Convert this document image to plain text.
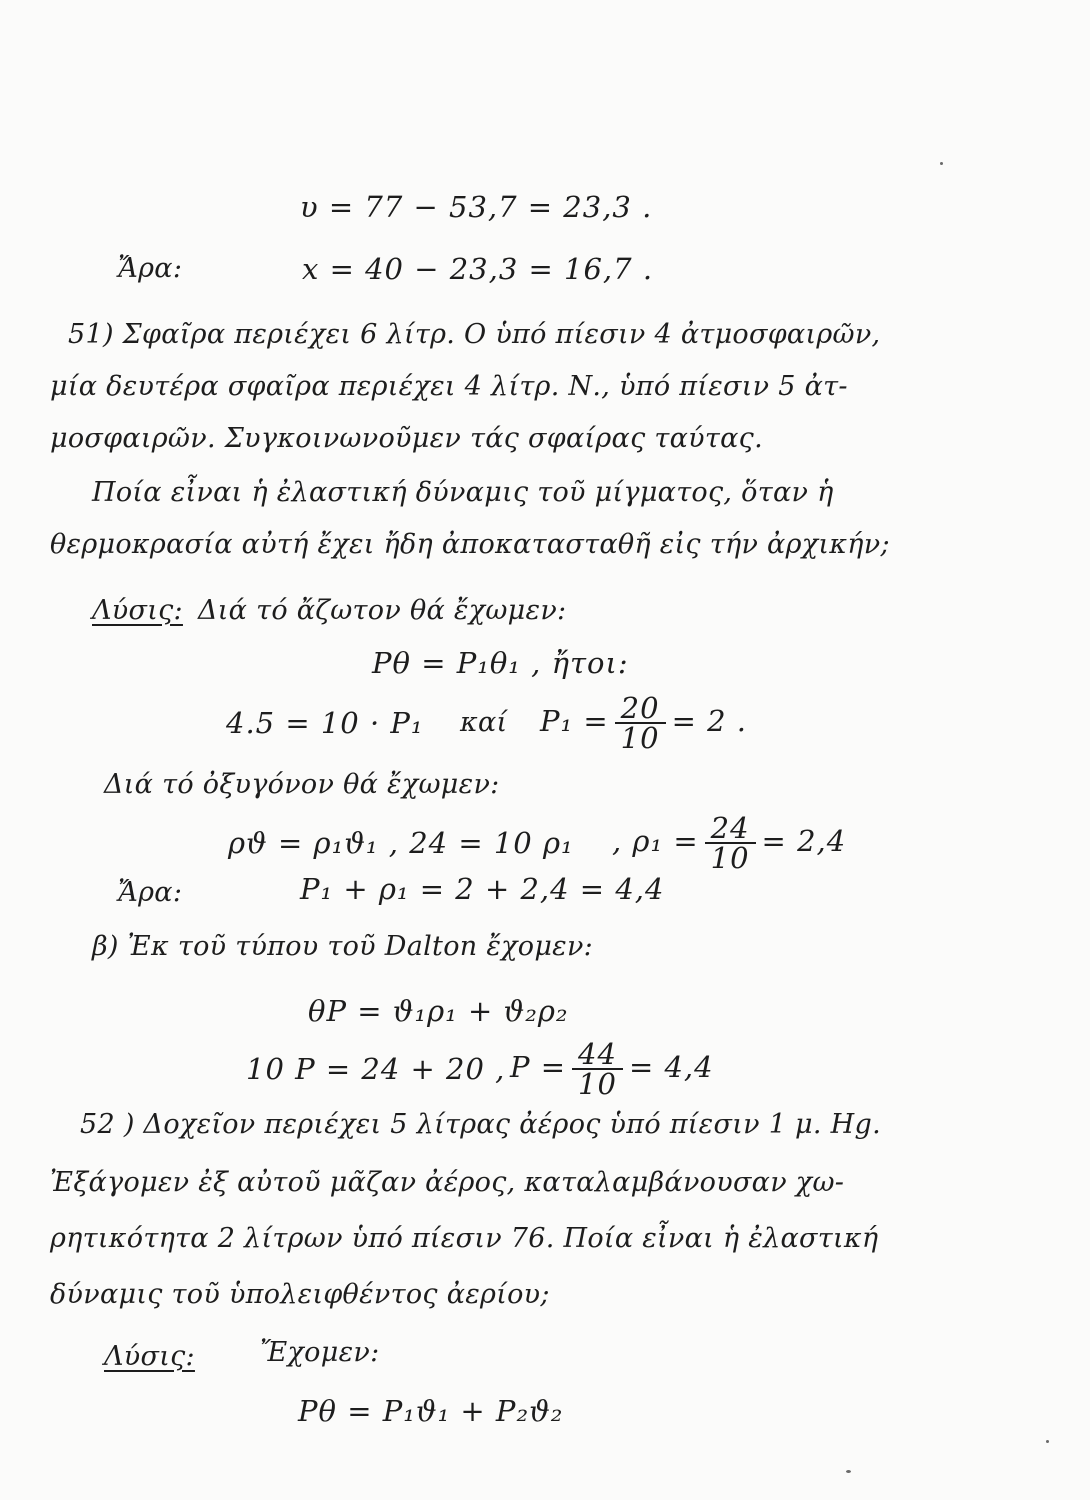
υ = 77 − 53,7 = 23,3 .
Ἄρα:	x = 40 − 23,3 = 16,7 .
51) Σφαῖρα περιέχει 6 λίτρ. Ο ὑπό πίεσιν 4 ἀτμοσφαιρῶν,
μία δευτέρα σφαῖρα περιέχει 4 λίτρ. Ν., ὑπό πίεσιν 5 ἀτ-
μοσφαιρῶν. Συγκοινωνοῦμεν τάς σφαίρας ταύτας.
Ποία εἶναι ἡ ἐλαστική δύναμις τοῦ μίγματος, ὅταν ἡ
θερμοκρασία αὐτή ἔχει ἤδη ἀποκατασταθῆ εἰς τήν ἀρχικήν;
Λύσις: Διά τό ἄζωτον θά ἔχωμεν:
Pθ = P₁θ₁ , ἤτοι:
4.5 = 10 · P₁ καί $P_1 = \frac{20}{10} = 2$ .
Διά τό ὀξυγόνον θά ἔχωμεν:
ρϑ = ρ₁ϑ₁ , 24 = 10 ρ₁ , $\rho_1 = \frac{24}{10} = 2,4$
Ἄρα:	P₁ + ρ₁ = 2 + 2,4 = 4,4
β) Ἐκ τοῦ τύπου τοῦ Dalton ἔχομεν:
θP = ϑ₁ρ₁ + ϑ₂ρ₂
10 P = 24 + 20 , $P = \frac{44}{10} = 4,4$
52 ) Δοχεῖον περιέχει 5 λίτρας ἀέρος ὑπό πίεσιν 1 μ. Hg.
Ἐξάγομεν ἐξ αὐτοῦ μᾶζαν ἀέρος, καταλαμβάνουσαν χω-
ρητικότητα 2 λίτρων ὑπό πίεσιν 76. Ποία εἶναι ἡ ἐλαστική
δύναμις τοῦ ὑπολειφθέντος ἀερίου;
Λύσις: Ἔχομεν:
Pθ = P₁ϑ₁ + P₂ϑ₂
